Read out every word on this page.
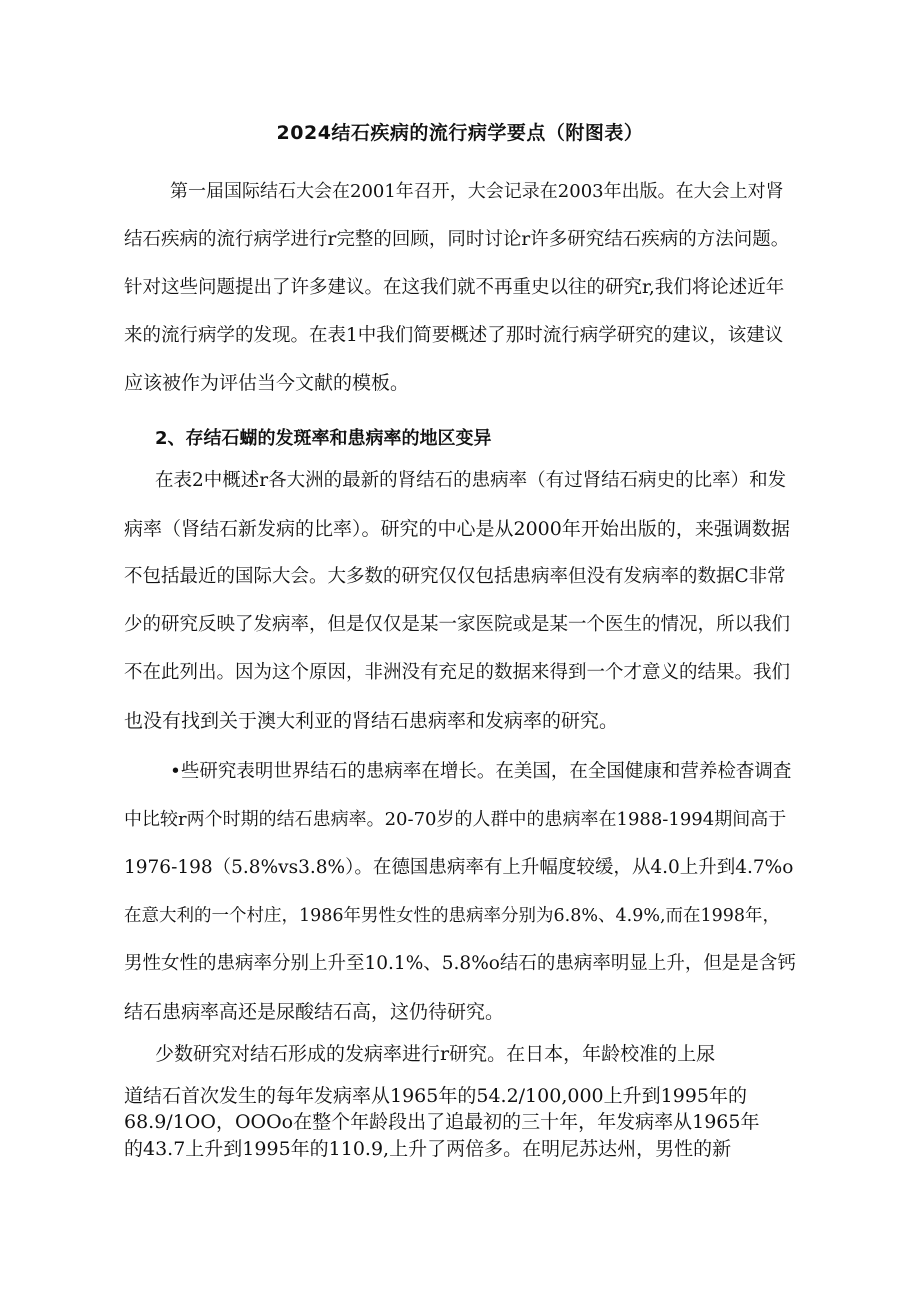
2024结石疾病的流行病学要点（附图表）
第一届国际结石大会在2001年召开，大会记录在2003年出版。在大会上对肾
结石疾病的流行病学进行r完整的回顾，同时讨论r许多研究结石疾病的方法问题。
针对这些问题提出了许多建议。在这我们就不再重史以往的研究r,我们将论述近年
来的流行病学的发现。在表1中我们简要概述了那时流行病学研究的建议，该建议
应该被作为评估当今文献的模板。
2、存结石蝴的发斑率和患病率的地区变异
在表2中概述r各大洲的最新的肾结石的患病率（有过肾结石病史的比率）和发
病率（肾结石新发病的比率）。研究的中心是从2000年开始出版的，来强调数据
不包括最近的国际大会。大多数的研究仅仅包括患病率但没有发病率的数据C非常
少的研究反映了发病率，但是仅仅是某一家医院或是某一个医生的情况，所以我们
不在此列出。因为这个原因，非洲没有充足的数据来得到一个才意义的结果。我们
也没有找到关于澳大利亚的肾结石患病率和发病率的研究。
•些研究表明世界结石的患病率在增长。在美国，在全国健康和营养检杳调査
中比较r两个时期的结石患病率。20-70岁的人群中的患病率在1988-1994期间高于
1976-198（5.8%vs3.8%）。在德国患病率有上升幅度较缓，从4.0上升到4.7%o
在意大利的一个村庄，1986年男性女性的患病率分别为6.8%、4.9%,而在1998年，
男性女性的患病率分别上升至10.1%、5.8%o结石的患病率明显上升，但是是含钙
结石患病率高还是尿酸结石高，这仍待研究。
少数研究对结石形成的发病率进行r研究。在日本，年龄校准的上尿
道结石首次发生的每年发病率从1965年的54.2/100,000上升到1995年的
68.9/1OO，OOOo在整个年龄段出了追最初的三十年，年发病率从1965年
的43.7上升到1995年的110.9,上升了两倍多。在明尼苏达州，男性的新
